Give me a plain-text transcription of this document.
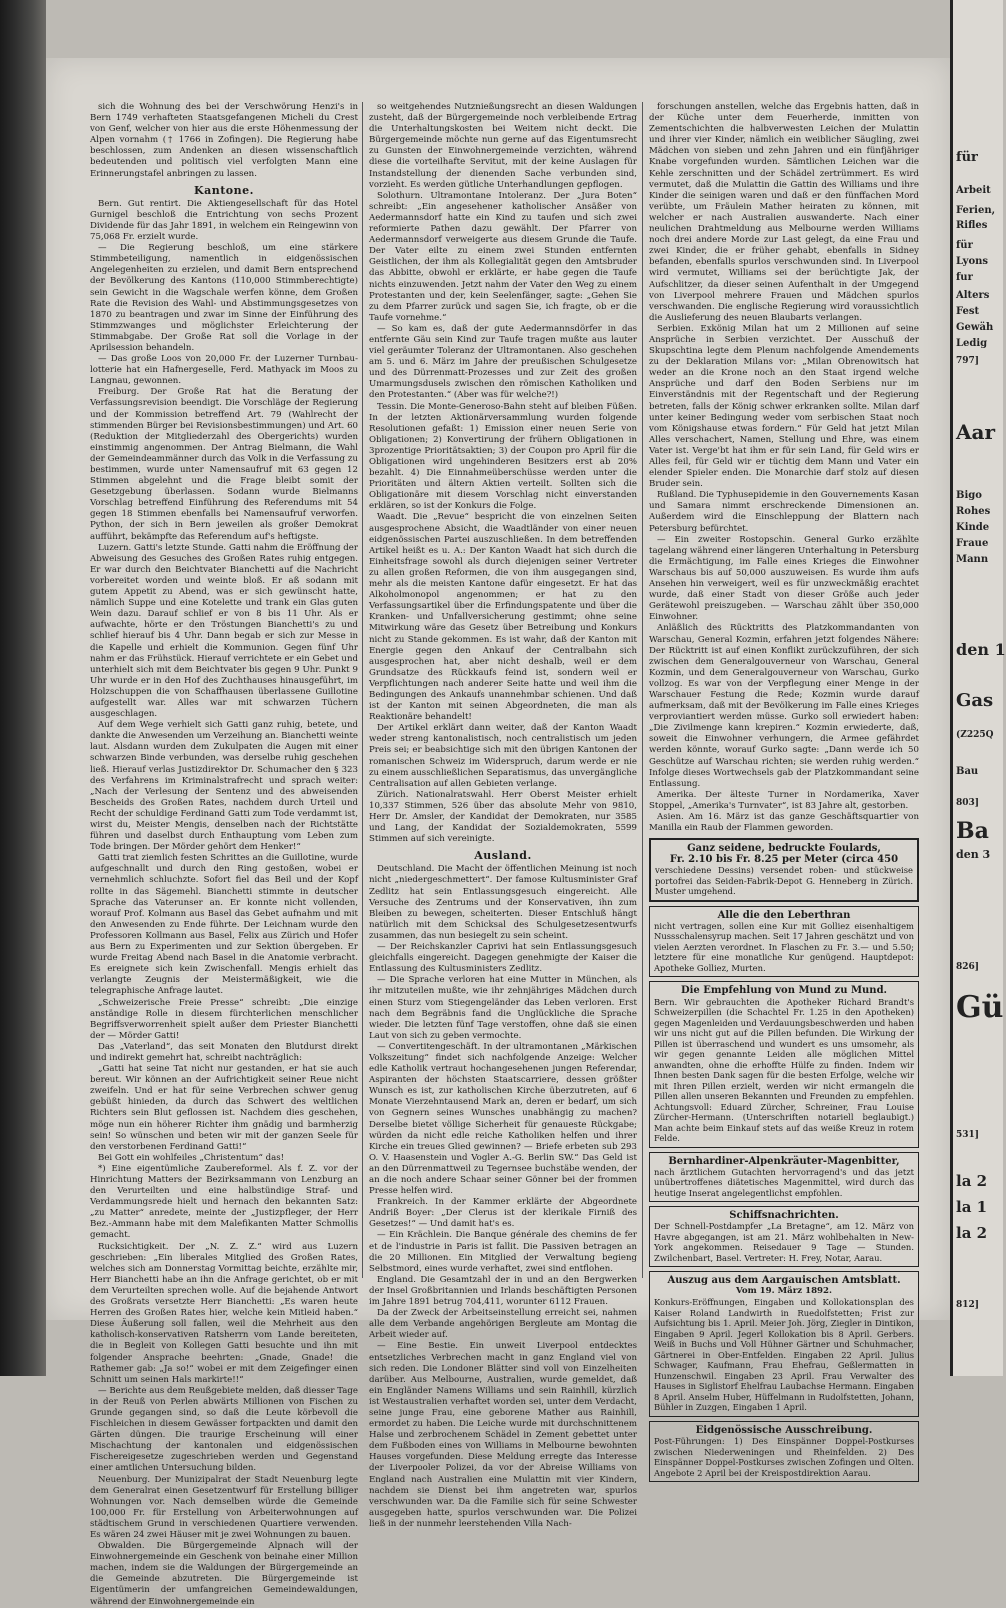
sich die Wohnung des bei der Verschwörung Henzi's in Bern 1749 verhafteten Staatsgefangenen Micheli du Crest von Genf, welcher von hier aus die erste Höhenmessung der Alpen vornahm († 1766 in Zofingen). Die Regierung habe beschlossen, zum Andenken an diesen wissenschaftlich bedeutenden und politisch viel verfolgten Mann eine Erinnerungstafel anbringen zu lassen.

Kantone.

Bern. Gut rentirt. Die Aktiengesellschaft für das Hotel Gurnigel beschloß die Entrichtung von sechs Prozent Dividende für das Jahr 1891, in welchem ein Reingewinn von 75,068 Fr. erzielt wurde.

— Die Regierung beschloß, um eine stärkere Stimmbeteiligung, namentlich in eidgenössischen Angelegenheiten zu erzielen, und damit Bern entsprechend der Bevölkerung des Kantons (110,000 Stimmberechtigte) sein Gewicht in die Wagschale werfen könne, dem Großen Rate die Revision des Wahl- und Abstimmungsgesetzes von 1870 zu beantragen und zwar im Sinne der Einführung des Stimmzwanges und möglichster Erleichterung der Stimmabgabe. Der Große Rat soll die Vorlage in der Aprilsession behandeln.

— Das große Loos von 20,000 Fr. der Luzerner Turnbau-lotterie hat ein Hafnergeselle, Ferd. Mathyack im Moos zu Langnau, gewonnen.

Freiburg. Der Große Rat hat die Beratung der Verfassungsrevision beendigt. Die Vorschläge der Regierung und der Kommission betreffend Art. 79 (Wahlrecht der stimmenden Bürger bei Revisionsbestimmungen) und Art. 60 (Reduktion der Mitgliederzahl des Obergerichts) wurden einstimmig angenommen. Der Antrag Bielmann, die Wahl der Gemeindeammänner durch das Volk in die Verfassung zu bestimmen, wurde unter Namensaufruf mit 63 gegen 12 Stimmen abgelehnt und die Frage bleibt somit der Gesetzgebung überlassen. Sodann wurde Bielmanns Vorschlag betreffend Einführung des Referendums mit 54 gegen 18 Stimmen ebenfalls bei Namensaufruf verworfen. Python, der sich in Bern jeweilen als großer Demokrat aufführt, bekämpfte das Referendum auf's heftigste.

Luzern. Gatti's letzte Stunde. Gatti nahm die Eröffnung der Abweisung des Gesuches des Großen Rates ruhig entgegen. Er war durch den Beichtvater Bianchetti auf die Nachricht vorbereitet worden und weinte bloß. Er aß sodann mit gutem Appetit zu Abend, was er sich gewünscht hatte, nämlich Suppe und eine Kotelette und trank ein Glas guten Wein dazu. Darauf schlief er von 8 bis 11 Uhr. Als er aufwachte, hörte er den Tröstungen Bianchetti's zu und schlief hierauf bis 4 Uhr. Dann begab er sich zur Messe in die Kapelle und erhielt die Kommunion. Gegen fünf Uhr nahm er das Frühstück. Hierauf verrichtete er ein Gebet und unterhielt sich mit dem Beichtvater bis gegen 9 Uhr. Punkt 9 Uhr wurde er in den Hof des Zuchthauses hinausgeführt, im Holzschuppen die von Schaffhausen überlassene Guillotine aufgestellt war. Alles war mit schwarzen Tüchern ausgeschlagen.

Auf dem Wege verhielt sich Gatti ganz ruhig, betete, und dankte die Anwesenden um Verzeihung an. Bianchetti weinte laut. Alsdann wurden dem Zukulpaten die Augen mit einer schwarzen Binde verbunden, was derselbe ruhig geschehen ließ. Hierauf verlas Justizdirektor Dr. Schumacher den § 323 des Verfahrens im Kriminalstrafrecht und sprach weiter: „Nach der Verlesung der Sentenz und des abweisenden Bescheids des Großen Rates, nachdem durch Urteil und Recht der schuldige Ferdinand Gatti zum Tode verdammt ist, wirst du, Meister Mengis, denselben nach der Richtstätte führen und daselbst durch Enthauptung vom Leben zum Tode bringen. Der Mörder gehört dem Henker!“

Gatti trat ziemlich festen Schrittes an die Guillotine, wurde aufgeschnallt und durch den Ring gestoßen, wobei er vernehmlich schluchzte. Sofort fiel das Beil und der Kopf rollte in das Sägemehl. Bianchetti stimmte in deutscher Sprache das Vaterunser an. Er konnte nicht vollenden, worauf Prof. Kolmann aus Basel das Gebet aufnahm und mit den Anwesenden zu Ende führte. Der Leichnam wurde den Professoren Kollmann aus Basel, Felix aus Zürich und Hofer aus Bern zu Experimenten und zur Sektion übergeben. Er wurde Freitag Abend nach Basel in die Anatomie verbracht. Es ereignete sich kein Zwischenfall. Mengis erhielt das verlangte Zeugnis der Meistermäßigkeit, wie die telegraphische Anfrage lautet.

„Schweizerische Freie Presse“ schreibt: „Die einzige anständige Rolle in diesem fürchterlichen menschlicher Begriffsverworrenheit spielt außer dem Priester Bianchetti der — Mörder Gatti!

Das „Vaterland“, das seit Monaten den Blutdurst direkt und indirekt gemehrt hat, schreibt nachträglich:

„Gatti hat seine Tat nicht nur gestanden, er hat sie auch bereut. Wir können an der Aufrichtigkeit seiner Reue nicht zweifeln. Und er hat für seine Verbrechen schwer genug gebüßt hinieden, da durch das Schwert des weltlichen Richters sein Blut geflossen ist. Nachdem dies geschehen, möge nun ein höherer Richter ihm gnädig und barmherzig sein! So wünschen und beten wir mit der ganzen Seele für den verstorbenen Ferdinand Gatti!“

Bei Gott ein wohlfeiles „Christentum“ das!

*) Eine eigentümliche Zaubereformel. Als f. Z. vor der Hinrichtung Matters der Bezirksammann von Lenzburg an den Verurteilten und eine halbstündige Straf- und Verdammungsrede hielt und hernach den bekannten Satz: „zu Matter“ anredete, meinte der „Justizpfleger, der Herr Bez.-Ammann habe mit dem Malefikanten Matter Schmollis gemacht.

Rucksichtigkeit. Der „N. Z. Z.“ wird aus Luzern geschrieben: „Ein liberales Mitglied des Großen Rates, welches sich am Donnerstag Vormittag beichte, erzählte mir, Herr Bianchetti habe an ihn die Anfrage gerichtet, ob er mit dem Verurteilten sprechen wolle. Auf die bejahende Antwort des Großrats versetzte Herr Bianchetti: „Es waren heute Herren des Großen Rates hier, welche kein Mitleid haben.“ Diese Äußerung soll fallen, weil die Mehrheit aus den katholisch-konservativen Ratsherrn vom Lande bereiteten, die in Begleit von Kollegen Gatti besuchte und ihn mit folgender Ansprache beehrten: „Gnade, Gnade! die Rathemer gab: „Ja so!“ wobei er mit dem Zeigefinger einen Schnitt um seinen Hals markirte!!“

— Berichte aus dem Reußgebiete melden, daß diesser Tage in der Reuß von Perlen abwärts Millionen von Fischen zu Grunde gegangen sind, so daß die Leute körbevoll die Fischleichen in diesem Gewässer fortpackten und damit den Gärten düngen. Die traurige Erscheinung will einer Mischachtung der kantonalen und eidgenössischen Fischereigesetze zugeschrieben werden und Gegenstand einer amtlichen Untersuchung bilden.

Neuenburg. Der Munizipalrat der Stadt Neuenburg legte dem Generalrat einen Gesetzentwurf für Erstellung billiger Wohnungen vor. Nach demselben würde die Gemeinde 100,000 Fr. für Erstellung von Arbeiterwohnungen auf städtischem Grund in verschiedenen Quartiere verwenden. Es wären 24 zwei Häuser mit je zwei Wohnungen zu bauen.

Obwalden. Die Bürgergemeinde Alpnach will der Einwohnergemeinde ein Geschenk von beinahe einer Million machen, indem sie die Waldungen der Bürgergemeinde an die Gemeinde abzutreten. Die Bürgergemeinde ist Eigentümerin der umfangreichen Gemeindewaldungen, während der Einwohnergemeinde ein

so weitgehendes Nutznießungsrecht an diesen Waldungen zusteht, daß der Bürgergemeinde noch verbleibende Ertrag die Unterhaltungskosten bei Weitem nicht deckt. Die Bürgergemeinde möchte nun gerne auf das Eigentumsrecht zu Gunsten der Einwohnergemeinde verzichten, während diese die vorteilhafte Servitut, mit der keine Auslagen für Instandstellung der dienenden Sache verbunden sind, vorzieht. Es werden gütliche Unterhandlungen gepflogen.

Solothurn. Ultramontane Intoleranz. Der „Jura Boten“ schreibt: „Ein angesehener katholischer Ansäßer von Aedermannsdorf hatte ein Kind zu taufen und sich zwei reformierte Pathen dazu gewählt. Der Pfarrer von Aedermannsdorf verweigerte aus diesem Grunde die Taufe. Der Vater eilte zu einem zwei Stunden entfernten Geistlichen, der ihm als Kollegialität gegen den Amtsbruder das Abbitte, obwohl er erklärte, er habe gegen die Taufe nichts einzuwenden. Jetzt nahm der Vater den Weg zu einem Protestanten und der, kein Seelenfänger, sagte: „Gehen Sie zu dem Pfarrer zurück und sagen Sie, ich fragte, ob er die Taufe vornehme.“

— So kam es, daß der gute Aedermannsdörfer in das entfernte Gäu sein Kind zur Taufe tragen mußte aus lauter viel geräumter Toleranz der Ultramontanen. Also geschehen am 5. und 6. März im Jahre der preußischen Schulgesetze und des Dürrenmatt-Prozesses und zur Zeit des großen Umarmungsdusels zwischen den römischen Katholiken und den Protestanten.“ (Aber was für welche?!)

Tessin. Die Monte-Generoso-Bahn steht auf bleiben Füßen. In der letzten Aktionärversammlung wurden folgende Resolutionen gefaßt: 1) Emission einer neuen Serie von Obligationen; 2) Konvertirung der frühern Obligationen in 3prozentige Prioritätsaktien; 3) der Coupon pro April für die Obligationen wird ungehinderen Besitzers erst ab 20% bezahlt. 4) Die Einnahmeüberschüsse werden unter die Prioritäten und ältern Aktien verteilt. Sollten sich die Obligationäre mit diesem Vorschlag nicht einverstanden erklären, so ist der Konkurs die Folge.

Waadt. Die „Revue“ bespricht die von einzelnen Seiten ausgesprochene Absicht, die Waadtländer von einer neuen eidgenössischen Partei auszuschließen. In dem betreffenden Artikel heißt es u. A.: Der Kanton Waadt hat sich durch die Einheitsfrage sowohl als durch diejenigen seiner Vertreter zu allen großen Reformen, die von ihm ausgegangen sind, mehr als die meisten Kantone dafür eingesetzt. Er hat das Alkoholmonopol angenommen; er hat zu den Verfassungsartikel über die Erfindungspatente und über die Kranken- und Unfallversicherung gestimmt; ohne seine Mitwirkung wäre das Gesetz über Betreibung und Konkurs nicht zu Stande gekommen. Es ist wahr, daß der Kanton mit Energie gegen den Ankauf der Centralbahn sich ausgesprochen hat, aber nicht deshalb, weil er dem Grundsatze des Rückkaufs feind ist, sondern weil er Verpflichtungen nach anderer Seite hatte und weil ihm die Bedingungen des Ankaufs unannehmbar schienen. Und daß ist der Kanton mit seinen Abgeordneten, die man als Reaktionäre behandelt!

Der Artikel erklärt dann weiter, daß der Kanton Waadt weder streng kantonalistisch, noch centralistisch um jeden Preis sei; er beabsichtige sich mit den übrigen Kantonen der romanischen Schweiz im Widerspruch, darum werde er nie zu einem ausschließlichen Separatismus, das unvergängliche Centralisation auf allen Gebieten verlange.

Zürich. Nationalratswahl. Herr Oberst Meister erhielt 10,337 Stimmen, 526 über das absolute Mehr von 9810, Herr Dr. Amsler, der Kandidat der Demokraten, nur 3585 und Lang, der Kandidat der Sozialdemokraten, 5599 Stimmen auf sich vereinigte.

Ausland.

Deutschland. Die Macht der öffentlichen Meinung ist noch nicht „niedergeschmettert“. Der famose Kultusminister Graf Zedlitz hat sein Entlassungsgesuch eingereicht. Alle Versuche des Zentrums und der Konservativen, ihn zum Bleiben zu bewegen, scheiterten. Dieser Entschluß hängt natürlich mit dem Schicksal des Schulgesetzesentwurfs zusammen, das nun besiegelt zu sein scheint.

— Der Reichskanzler Caprivi hat sein Entlassungsgesuch gleichfalls eingereicht. Dagegen genehmigte der Kaiser die Entlassung des Kultusministers Zedlitz.

— Die Sprache verloren hat eine Mutter in München, als ihr mitzuteilen mußte, wie ihr zehnjähriges Mädchen durch einen Sturz vom Stiegengeländer das Leben verloren. Erst nach dem Begräbnis fand die Unglückliche die Sprache wieder. Die letzten fünf Tage verstoffen, ohne daß sie einen Laut von sich zu geben vermochte.

— Convertitengeschäft. In der ultramontanen „Märkischen Volkszeitung“ findet sich nachfolgende Anzeige: Welcher edle Katholik vertraut hochangesehenen jungen Referendar, Aspiranten der höchsten Staatscarriere, dessen größter Wunsch es ist, zur katholischen Kirche überzutreten, auf 6 Monate Vierzehntausend Mark an, deren er bedarf, um sich von Gegnern seines Wunsches unabhängig zu machen? Derselbe bietet völlige Sicherheit für genaueste Rückgabe; würden da nicht edle reiche Katholiken helfen und ihrer Kirche ein treues Glied gewinnen? — Briefe erbeten sub 293 O. V. Haasenstein und Vogler A.-G. Berlin SW.“ Das Geld ist an den Dürrenmattweil zu Tegernsee buchstäbe wenden, der an die noch andere Schaar seiner Gönner bei der frommen Presse helfen wird.

Frankreich. In der Kammer erklärte der Abgeordnete Andriß Boyer: „Der Clerus ist der klerikale Firniß des Gesetzes!“ — Und damit hat's es.

— Ein Krächlein. Die Banque générale des chemins de fer et de l'industrie in Paris ist fallit. Die Passiven betragen an die 20 Millionen. Ein Mitglied der Verwaltung begieng Selbstmord, eines wurde verhaftet, zwei sind entflohen.

England. Die Gesamtzahl der in und an den Bergwerken der Insel Großbritannien und Irlands beschäftigten Personen im Jahre 1891 betrug 704,411, worunter 6112 Frauen.

Da der Zweck der Arbeitseinstellung erreicht sei, nahmen alle dem Verbande angehörigen Bergleute am Montag die Arbeit wieder auf.

— Eine Bestie. Ein unweit Liverpool entdecktes entsetzliches Verbrechen macht in ganz England viel von sich reden. Die Londoner Blätter sind voll von Einzelheiten darüber. Aus Melbourne, Australien, wurde gemeldet, daß ein Engländer Namens Williams und sein Rainhill, kürzlich ist Westaustralien verhaftet worden sei, unter dem Verdacht, seine junge Frau, eine geborene Mather aus Rainhill, ermordet zu haben. Die Leiche wurde mit durchschnittenem Halse und zerbrochenem Schädel in Zement gebettet unter dem Fußboden eines von Williams in Melbourne bewohnten Hauses vorgefunden. Diese Meldung erregte das Interesse der Liverpooler Polizei, da vor der Abreise Williams von England nach Australien eine Mulattin mit vier Kindern, nachdem sie Dienst bei ihm angetreten war, spurlos verschwunden war. Da die Familie sich für seine Schwester ausgegeben hatte, spurlos verschwunden war. Die Polizei ließ in der nunmehr leerstehenden Villa Nach-

forschungen anstellen, welche das Ergebnis hatten, daß in der Küche unter dem Feuerherde, inmitten von Zementschichten die halbverwesten Leichen der Mulattin und ihrer vier Kinder, nämlich ein weiblicher Säugling, zwei Mädchen von sieben und zehn Jahren und ein fünfjähriger Knabe vorgefunden wurden. Sämtlichen Leichen war die Kehle zerschnitten und der Schädel zertrümmert. Es wird vermutet, daß die Mulattin die Gattin des Williams und ihre Kinder die seinigen waren und daß er den fünffachen Mord verübte, um Fräulein Mather heiraten zu können, mit welcher er nach Australien auswanderte. Nach einer neulichen Drahtmeldung aus Melbourne werden Williams noch drei andere Morde zur Last gelegt, da eine Frau und zwei Kinder, die er früher gehabt, ebenfalls in Sidney befanden, ebenfalls spurlos verschwunden sind. In Liverpool wird vermutet, Williams sei der berüchtigte Jak, der Aufschlitzer, da dieser seinen Aufenthalt in der Umgegend von Liverpool mehrere Frauen und Mädchen spurlos verschwanden. Die englische Regierung wird voraussichtlich die Auslieferung des neuen Blaubarts verlangen.

Serbien. Exkönig Milan hat um 2 Millionen auf seine Ansprüche in Serbien verzichtet. Der Ausschuß der Skupschtina legte dem Plenum nachfolgende Amendements zu der Deklaration Milans vor: „Milan Obrenowitsch hat weder an die Krone noch an den Staat irgend welche Ansprüche und darf den Boden Serbiens nur im Einverständnis mit der Regentschaft und der Regierung betreten, falls der König schwer erkranken sollte. Milan darf unter keiner Bedingung weder vom serbischen Staat noch vom Königshause etwas fordern.“ Für Geld hat jetzt Milan Alles verschachert, Namen, Stellung und Ehre, was einem Vater ist. Verge'bt hat ihm er für sein Land, für Geld wirs er Alles feil, für Geld wir er tüchtig dem Mann und Vater ein elender Spieler enden. Die Monarchie darf stolz auf diesen Bruder sein.

Rußland. Die Typhusepidemie in den Gouvernements Kasan und Samara nimmt erschreckende Dimensionen an. Außerdem wird die Einschleppung der Blattern nach Petersburg befürchtet.

— Ein zweiter Rostopschin. General Gurko erzählte tagelang während einer längeren Unterhaltung in Petersburg die Ermächtigung, im Falle eines Krieges die Einwohner Warschaus bis auf 50,000 auszuweisen. Es wurde ihm aufs Ansehen hin verweigert, weil es für unzweckmäßig erachtet wurde, daß einer Stadt von dieser Größe auch jeder Gerätewohl preiszugeben. — Warschau zählt über 350,000 Einwohner.

Anläßlich des Rücktritts des Platzkommandanten von Warschau, General Kozmin, erfahren jetzt folgendes Nähere: Der Rücktritt ist auf einen Konflikt zurückzuführen, der sich zwischen dem Generalgouverneur von Warschau, General Kozmin, und dem Generalgouverneur von Warschau, Gurko vollzog. Es war von der Verpflegung einer Menge in der Warschauer Festung die Rede; Kozmin wurde darauf aufmerksam, daß mit der Bevölkerung im Falle eines Krieges verproviantiert werden müsse. Gurko soll erwiedert haben: „Die Zivilmenge kann krepiren.“ Kozmin erwiederte, daß, soweit die Einwohner verhungern, die Armee gefährdet werden könnte, worauf Gurko sagte: „Dann werde ich 50 Geschütze auf Warschau richten; sie werden ruhig werden.“ Infolge dieses Wortwechsels gab der Platzkommandant seine Entlassung.

Amerika. Der älteste Turner in Nordamerika, Xaver Stoppel, „Amerika's Turnvater“, ist 83 Jahre alt, gestorben.

Asien. Am 16. März ist das ganze Geschäftsquartier von Manilla ein Raub der Flammen geworden.

Ganz seidene, bedruckte Foulards,
Fr. 2.10 bis Fr. 8.25 per Meter (circa 450
verschiedene Dessins) versendet roben- und stückweise portofrei das Seiden-Fabrik-Depot G. Henneberg in Zürich. Muster umgehend.
Alle die den Leberthran
nicht vertragen, sollen eine Kur mit Golliez eisenhaltigem Nussschalensyrup machen. Seit 17 Jahren geschätzt und von vielen Aerzten verordnet. In Flaschen zu Fr. 3.— und 5.50; letztere für eine monatliche Kur genügend. Hauptdepot: Apotheke Golliez, Murten.
Die Empfehlung von Mund zu Mund.
Bern. Wir gebrauchten die Apotheker Richard Brandt's Schweizerpillen (die Schachtel Fr. 1.25 in den Apotheken) gegen Magenleiden und Verdauungsbeschwerden und haben wir uns nicht gut auf die Pillen befunden. Die Wirkung der Pillen ist überraschend und wundert es uns umsomehr, als wir gegen genannte Leiden alle möglichen Mittel anwandten, ohne die erhoffte Hülfe zu finden. Indem wir Ihnen besten Dank sagen für die besten Erfolge, welche wir mit Ihren Pillen erzielt, werden wir nicht ermangeln die Pillen allen unseren Bekannten und Freunden zu empfehlen. Achtungsvoll: Eduard Zürcher, Schreiner, Frau Louise Zürcher-Hermann. (Unterschriften notariell beglaubigt.) Man achte beim Einkauf stets auf das weiße Kreuz in rotem Felde.
Bernhardiner-Alpenkräuter-Magenbitter,
nach ärztlichem Gutachten hervorragend's und das jetzt unübertroffenes diätetisches Magenmittel, wird durch das heutige Inserat angelegentlichst empfohlen.
Schiffsnachrichten.
Der Schnell-Postdampfer „La Bretagne“, am 12. März von Havre abgegangen, ist am 21. März wohlbehalten in New-York angekommen. Reisedauer 9 Tage — Stunden. Zwilchenbart, Basel. Vertreter: H. Frey, Notar, Aarau.
Auszug aus dem Aargauischen Amtsblatt.
Vom 19. März 1892.
Konkurs-Eröffnungen, Eingaben und Kollokationsplan des Kaiser Roland Landwirth in Ruedolfstetten; Frist zur Aufsichtung bis 1. April. Meier Joh. Jörg, Ziegler in Dintikon, Eingaben 9 April. Jegerl Kollokation bis 8 April. Gerbers. Weiß in Buchs und Voll Hühner Gärtner und Schuhmacher, Gärtnerei in Ober-Entfelden. Eingaben 22 April. Julius Schwager, Kaufmann, Frau Ehefrau, Geßlermatten in Hunzenschwil. Eingaben 23 April. Frau Verwalter des Hauses in Siglistorf Ehelfrau Laubachse Hermann. Eingaben 8 April. Anselm Huber, Hüffelmann in Rudolfstetten, Johann, Bühler in Zuzgen, Eingaben 1 April.
Eidgenössische Ausschreibung.
Post-Führungen: 1) Des Einspänner Doppel-Postkurses zwischen Niederweningen und Rheinfelden. 2) Des Einspänner Doppel-Postkurses zwischen Zofingen und Olten. Angebote 2 April bei der Kreispostdirektion Aarau.
für
Arbeit
Ferien,
Rifles
für
Lyons
fur
Alters
Fest
Gewäh
Ledig
797]
Aar
Bigo
Rohes
Kinde
Fraue
Mann
den 1
Gas
(Z225Q
Bau
803]
Ba
den 3
826]
Gü
531]
la 2
la 1
la 2
812]
